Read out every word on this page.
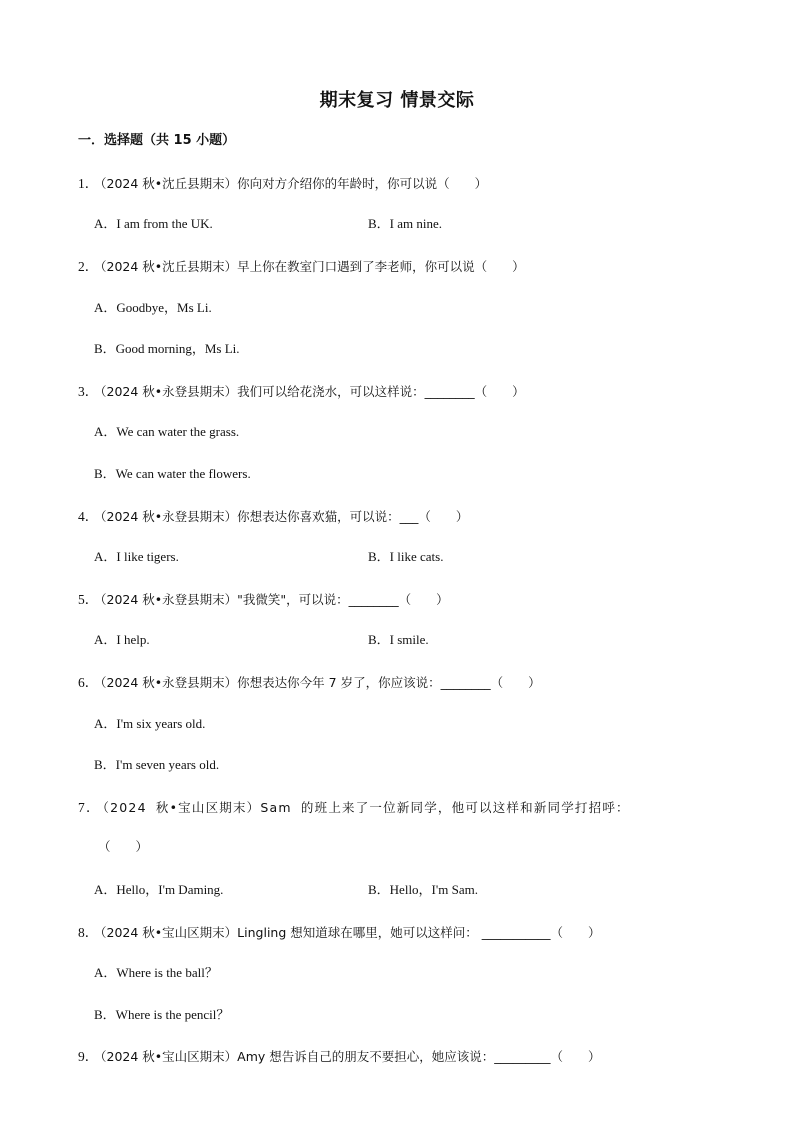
期末复习 情景交际
一．选择题（共 15 小题）
1． （2024 秋•沈丘县期末）你向对方介绍你的年龄时，你可以说（　　）
A．I am from the UK.	B．I am nine.
2． （2024 秋•沈丘县期末）早上你在教室门口遇到了李老师，你可以说（　　）
A．Goodbye，Ms Li.
B．Good morning，Ms Li.
3． （2024 秋•永登县期末）我们可以给花浇水，可以这样说：________（　　）
A．We can water the grass.
B．We can water the flowers.
4． （2024 秋•永登县期末）你想表达你喜欢猫，可以说：___（　　）
A．I like tigers.	B．I like cats.
5． （2024 秋•永登县期末）"我微笑"，可以说：________（　　）
A．I help.	B．I smile.
6． （2024 秋•永登县期末）你想表达你今年 7 岁了，你应该说：________（　　）
A．I'm six years old.
B．I'm seven years old.
7． （2024 秋•宝山区期末）Sam 的班上来了一位新同学，他可以这样和新同学打招呼：
（　　）
A．Hello，I'm Daming.	B．Hello，I'm Sam.
8． （2024 秋•宝山区期末）Lingling 想知道球在哪里，她可以这样问： ___________（　　）
A．Where is the ball？
B．Where is the pencil？
9． （2024 秋•宝山区期末）Amy 想告诉自己的朋友不要担心，她应该说：_________（　　）
